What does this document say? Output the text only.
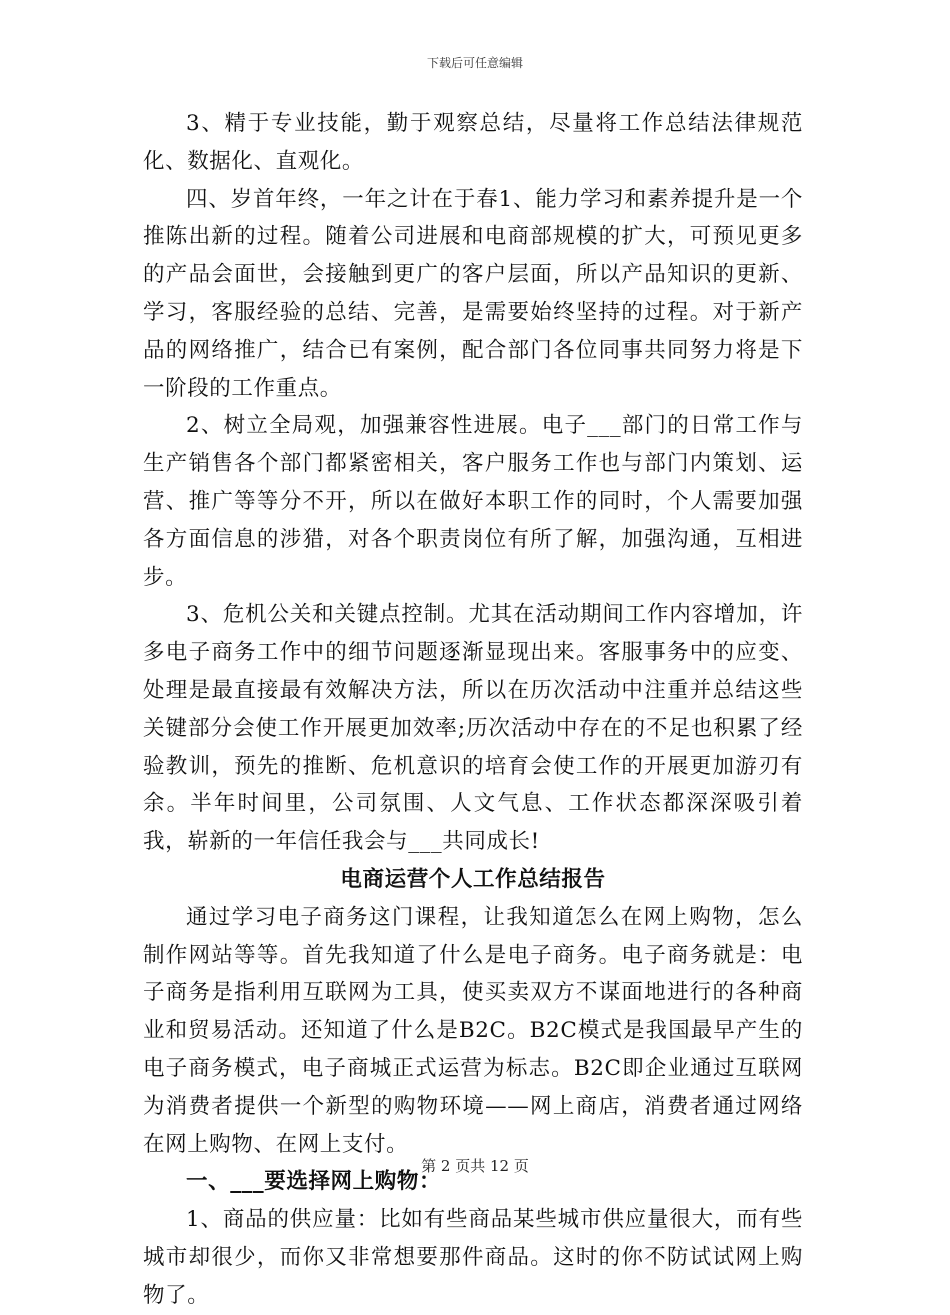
下载后可任意编辑

3、精于专业技能，勤于观察总结，尽量将工作总结法律规范化、数据化、直观化。

四、岁首年终，一年之计在于春1、能力学习和素养提升是一个推陈出新的过程。随着公司进展和电商部规模的扩大，可预见更多的产品会面世，会接触到更广的客户层面，所以产品知识的更新、学习，客服经验的总结、完善，是需要始终坚持的过程。对于新产品的网络推广，结合已有案例，配合部门各位同事共同努力将是下一阶段的工作重点。

2、树立全局观，加强兼容性进展。电子___部门的日常工作与生产销售各个部门都紧密相关，客户服务工作也与部门内策划、运营、推广等等分不开，所以在做好本职工作的同时，个人需要加强各方面信息的涉猎，对各个职责岗位有所了解，加强沟通，互相进步。

3、危机公关和关键点控制。尤其在活动期间工作内容增加，许多电子商务工作中的细节问题逐渐显现出来。客服事务中的应变、处理是最直接最有效解决方法，所以在历次活动中注重并总结这些关键部分会使工作开展更加效率;历次活动中存在的不足也积累了经验教训，预先的推断、危机意识的培育会使工作的开展更加游刃有余。半年时间里，公司氛围、人文气息、工作状态都深深吸引着我，崭新的一年信任我会与___共同成长!

电商运营个人工作总结报告

通过学习电子商务这门课程，让我知道怎么在网上购物，怎么制作网站等等。首先我知道了什么是电子商务。电子商务就是：电子商务是指利用互联网为工具，使买卖双方不谋面地进行的各种商业和贸易活动。还知道了什么是B2C。B2C模式是我国最早产生的电子商务模式，电子商城正式运营为标志。B2C即企业通过互联网为消费者提供一个新型的购物环境——网上商店，消费者通过网络在网上购物、在网上支付。

一、___要选择网上购物：

1、商品的供应量：比如有些商品某些城市供应量很大，而有些城市却很少，而你又非常想要那件商品。这时的你不防试试网上购物了。

第 2 页共 12 页
